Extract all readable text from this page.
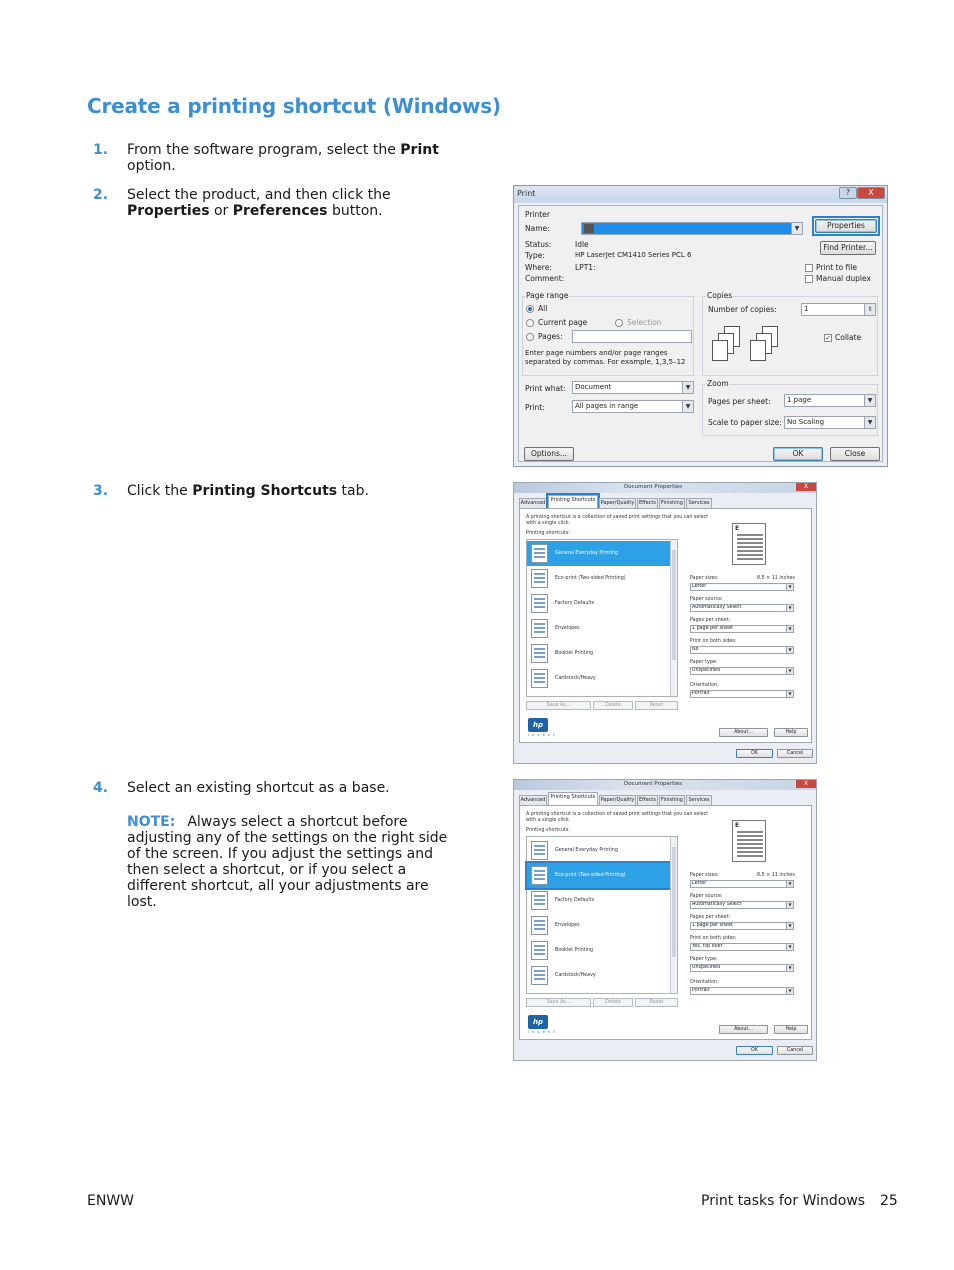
Create a printing shortcut (Windows)
1. From the software program, select the Print option.
2. Select the product, and then click the Properties or Preferences button.
3. Click the Printing Shortcuts tab.
4. Select an existing shortcut as a base.
NOTE: Always select a shortcut before adjusting any of the settings on the right side of the screen. If you adjust the settings and then select a shortcut, or if you select a different shortcut, all your adjustments are lost.
Print	?	X
Printer
Name:	▼
Status:	Idle
Type:	HP LaserJet CM1410 Series PCL 6
Where:	LPT1:
Comment:
Properties
Find Printer...
Print to file
Manual duplex
Page range
All
Current page	Selection
Pages:
Enter page numbers and/or page ranges
separated by commas. For example, 1,3,5–12
Copies
Number of copies:	1	⇕
✓ Collate
Print what:	Document	▼
Print:	All pages in range	▼
Zoom
Pages per sheet:	1 page	▼
Scale to paper size: No Scaling	▼
Options...	OK	Close
Document Properties	X
Advanced	Printing Shortcuts	Paper/Quality Effects	Finishing	Services
A printing shortcut is a collection of saved print settings that you can select
with a single click.
Printing shortcuts:
General Everyday Printing
Eco-print (Two-sided Printing)
Factory Defaults
Envelopes
Booklet Printing
Cardstock/Heavy
Save As...	Delete	Reset
E
Paper sizes:	8.5 × 11 inches
Letter	▼
Paper source:
Automatically Select	▼
Pages per sheet:
1 page per sheet	▼
Print on both sides:
No	▼
Paper type:
Unspecified	▼
Orientation:
Portrait	▼
hp
i n v e n t	About...	Help
OK	Cancel
Document Properties	X
Advanced	Printing Shortcuts	Paper/Quality Effects	Finishing	Services
A printing shortcut is a collection of saved print settings that you can select
with a single click.
Printing shortcuts:
General Everyday Printing
Eco-print (Two-sided Printing)
Factory Defaults
Envelopes
Booklet Printing
Cardstock/Heavy
Save As...	Delete	Reset
E
Paper sizes:	8.5 × 11 inches
Letter	▼
Paper source:
Automatically Select	▼
Pages per sheet:
1 page per sheet	▼
Print on both sides:
Yes, flip over	▼
Paper type:
Unspecified	▼
Orientation:
Portrait	▼
hp
i n v e n t	About...	Help
OK	Cancel
ENWW	Print tasks for Windows 25
